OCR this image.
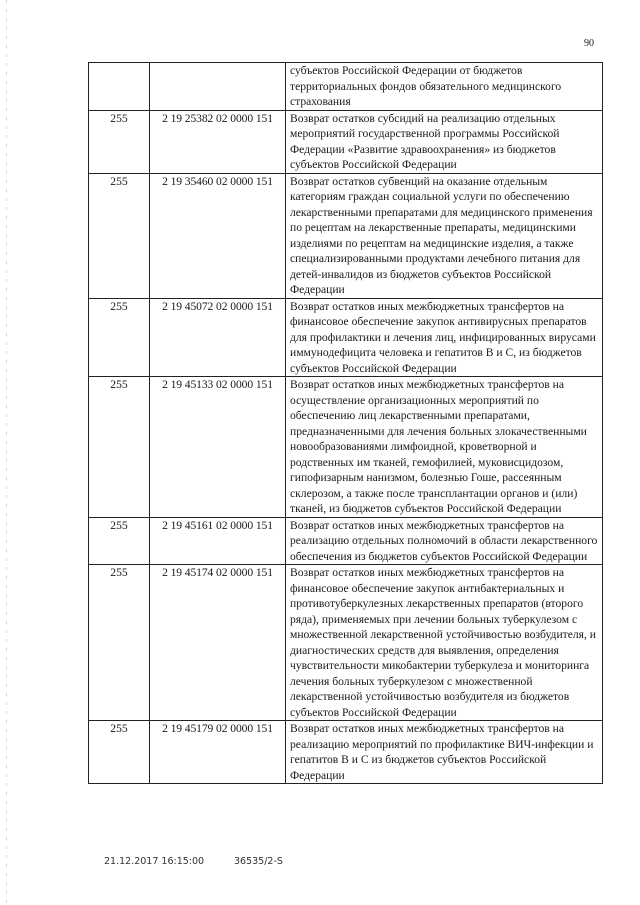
90
		субъектов Российской Федерации от бюджетов территориальных фондов обязательного медицинского страхования
255	2 19 25382 02 0000 151	Возврат остатков субсидий на реализацию отдельных мероприятий государственной программы Российской Федерации «Развитие здравоохранения» из бюджетов субъектов Российской Федерации
255	2 19 35460 02 0000 151	Возврат остатков субвенций на оказание отдельным категориям граждан социальной услуги по обеспечению лекарственными препаратами для медицинского применения по рецептам на лекарственные препараты, медицинскими изделиями по рецептам на медицинские изделия, а также специализированными продуктами лечебного питания для детей-инвалидов из бюджетов субъектов Российской Федерации
255	2 19 45072 02 0000 151	Возврат остатков иных межбюджетных трансфертов на финансовое обеспечение закупок антивирусных препаратов для профилактики и лечения лиц, инфицированных вирусами иммунодефицита человека и гепатитов В и С, из бюджетов субъектов Российской Федерации
255	2 19 45133 02 0000 151	Возврат остатков иных межбюджетных трансфертов на осуществление организационных мероприятий по обеспечению лиц лекарственными препаратами, предназначенными для лечения больных злокачественными новообразованиями лимфоидной, кроветворной и родственных им тканей, гемофилией, муковисцидозом, гипофизарным нанизмом, болезнью Гоше, рассеянным склерозом, а также после трансплантации органов и (или) тканей, из бюджетов субъектов Российской Федерации
255	2 19 45161 02 0000 151	Возврат остатков иных межбюджетных трансфертов на реализацию отдельных полномочий в области лекарственного обеспечения из бюджетов субъектов Российской Федерации
255	2 19 45174 02 0000 151	Возврат остатков иных межбюджетных трансфертов на финансовое обеспечение закупок антибактериальных и противотуберкулезных лекарственных препаратов (второго ряда), применяемых при лечении больных туберкулезом с множественной лекарственной устойчивостью возбудителя, и диагностических средств для выявления, определения чувствительности микобактерии туберкулеза и мониторинга лечения больных туберкулезом с множественной лекарственной устойчивостью возбудителя из бюджетов субъектов Российской Федерации
255	2 19 45179 02 0000 151	Возврат остатков иных межбюджетных трансфертов на реализацию мероприятий по профилактике ВИЧ-инфекции и гепатитов В и С из бюджетов субъектов Российской Федерации
21.12.2017 16:15:00	36535/2-S
